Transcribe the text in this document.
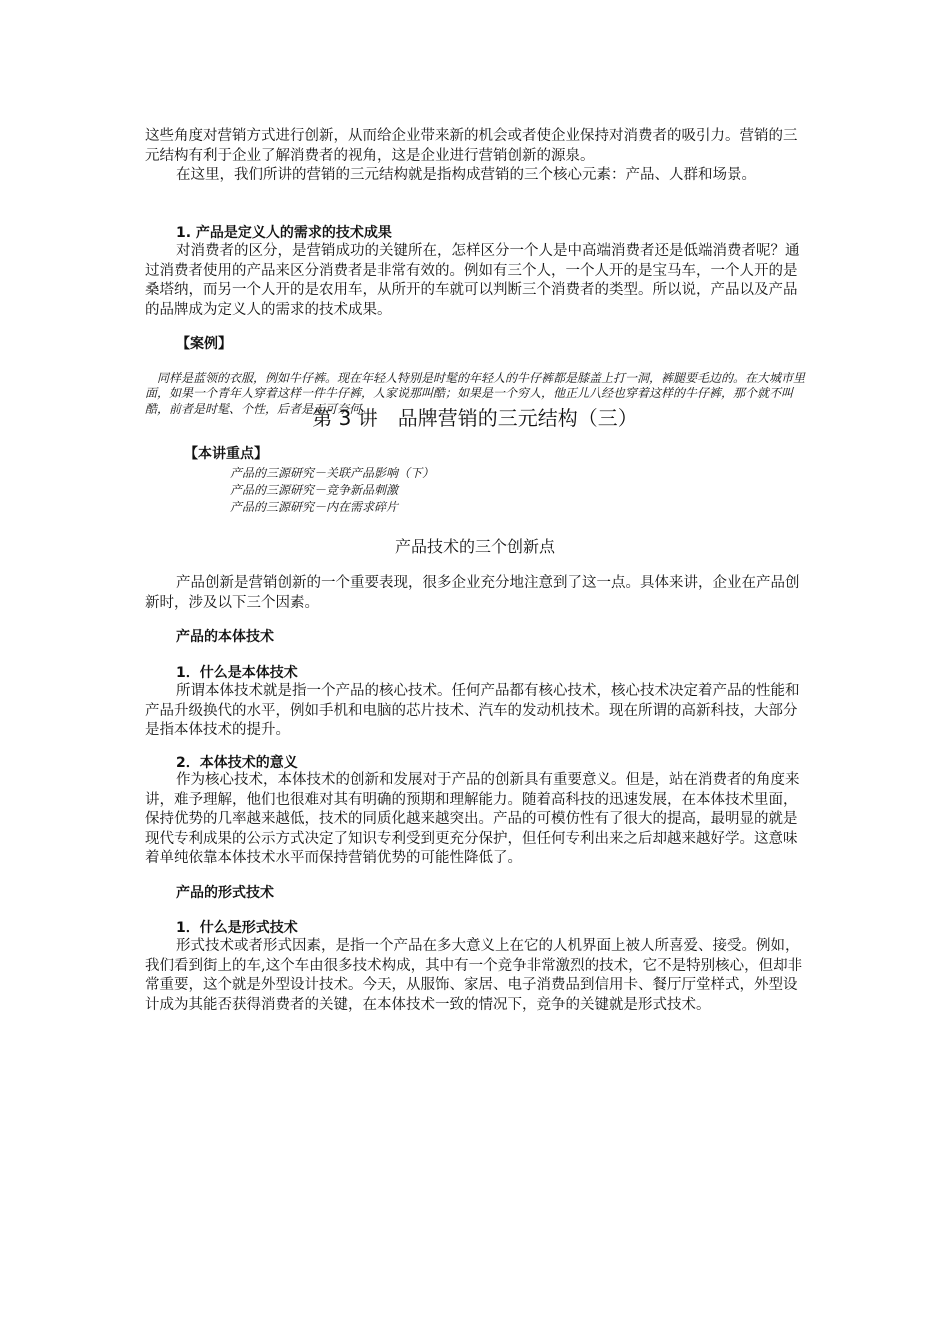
这些角度对营销方式进行创新，从而给企业带来新的机会或者使企业保持对消费者的吸引力。营销的三元结构有利于企业了解消费者的视角，这是企业进行营销创新的源泉。

在这里，我们所讲的营销的三元结构就是指构成营销的三个核心元素：产品、人群和场景。

1. 产品是定义人的需求的技术成果

对消费者的区分，是营销成功的关键所在，怎样区分一个人是中高端消费者还是低端消费者呢？通过消费者使用的产品来区分消费者是非常有效的。例如有三个人，一个人开的是宝马车，一个人开的是桑塔纳，而另一个人开的是农用车，从所开的车就可以判断三个消费者的类型。所以说，产品以及产品的品牌成为定义人的需求的技术成果。

【案例】

同样是蓝领的衣服，例如牛仔裤。现在年轻人特别是时髦的年轻人的牛仔裤都是膝盖上打一洞，裤腿要毛边的。在大城市里面，如果一个青年人穿着这样一件牛仔裤，人家说那叫酷；如果是一个穷人，他正儿八经也穿着这样的牛仔裤，那个就不叫酷，前者是时髦、个性，后者是无可奈何。

第 3 讲　品牌营销的三元结构（三）

【本讲重点】

产品的三源研究－关联产品影响（下）

产品的三源研究－竞争新品刺激

产品的三源研究－内在需求碎片

产品技术的三个创新点

产品创新是营销创新的一个重要表现，很多企业充分地注意到了这一点。具体来讲，企业在产品创新时，涉及以下三个因素。

产品的本体技术

1．什么是本体技术

所谓本体技术就是指一个产品的核心技术。任何产品都有核心技术，核心技术决定着产品的性能和产品升级换代的水平，例如手机和电脑的芯片技术、汽车的发动机技术。现在所谓的高新科技，大部分是指本体技术的提升。

2．本体技术的意义

作为核心技术，本体技术的创新和发展对于产品的创新具有重要意义。但是，站在消费者的角度来讲，难予理解，他们也很难对其有明确的预期和理解能力。随着高科技的迅速发展，在本体技术里面，保持优势的几率越来越低，技术的同质化越来越突出。产品的可模仿性有了很大的提高，最明显的就是现代专利成果的公示方式决定了知识专利受到更充分保护，但任何专利出来之后却越来越好学。这意味着单纯依靠本体技术水平而保持营销优势的可能性降低了。

产品的形式技术

1．什么是形式技术

形式技术或者形式因素，是指一个产品在多大意义上在它的人机界面上被人所喜爱、接受。例如，我们看到街上的车,这个车由很多技术构成，其中有一个竞争非常激烈的技术，它不是特别核心，但却非常重要，这个就是外型设计技术。今天，从服饰、家居、电子消费品到信用卡、餐厅厅堂样式，外型设计成为其能否获得消费者的关键，在本体技术一致的情况下，竞争的关键就是形式技术。
